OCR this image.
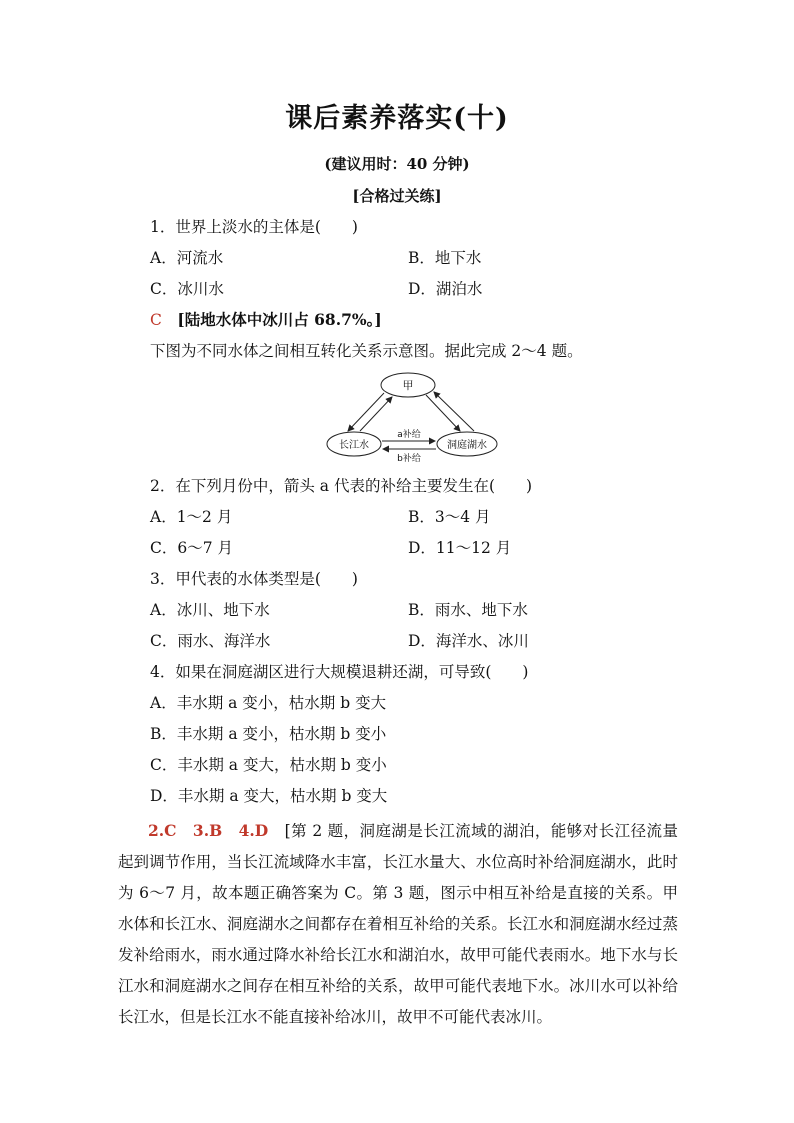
课后素养落实(十)
(建议用时：40 分钟)
[合格过关练]
1．世界上淡水的主体是(　　)
A．河流水	B．地下水
C．冰川水	D．湖泊水
C　 [陆地水体中冰川占 68.7%。]
下图为不同水体之间相互转化关系示意图。据此完成 2～4 题。
甲
长江水	洞庭湖水
a补给
b补给
2．在下列月份中，箭头 a 代表的补给主要发生在(　　)
A．1～2 月	B．3～4 月
C．6～7 月	D．11～12 月
3．甲代表的水体类型是(　　)
A．冰川、地下水	B．雨水、地下水
C．雨水、海洋水	D．海洋水、冰川
4．如果在洞庭湖区进行大规模退耕还湖，可导致(　　)
A．丰水期 a 变小，枯水期 b 变大
B．丰水期 a 变小，枯水期 b 变小
C．丰水期 a 变大，枯水期 b 变小
D．丰水期 a 变大，枯水期 b 变大
2.C　3.B　4.D　 [第 2 题，洞庭湖是长江流域的湖泊，能够对长江径流量起到调节作用，当长江流域降水丰富，长江水量大、水位高时补给洞庭湖水，此时为 6～7 月，故本题正确答案为 C。第 3 题，图示中相互补给是直接的关系。甲水体和长江水、洞庭湖水之间都存在着相互补给的关系。长江水和洞庭湖水经过蒸发补给雨水，雨水通过降水补给长江水和湖泊水，故甲可能代表雨水。地下水与长江水和洞庭湖水之间存在相互补给的关系，故甲可能代表地下水。冰川水可以补给长江水，但是长江水不能直接补给冰川，故甲不可能代表冰川。
